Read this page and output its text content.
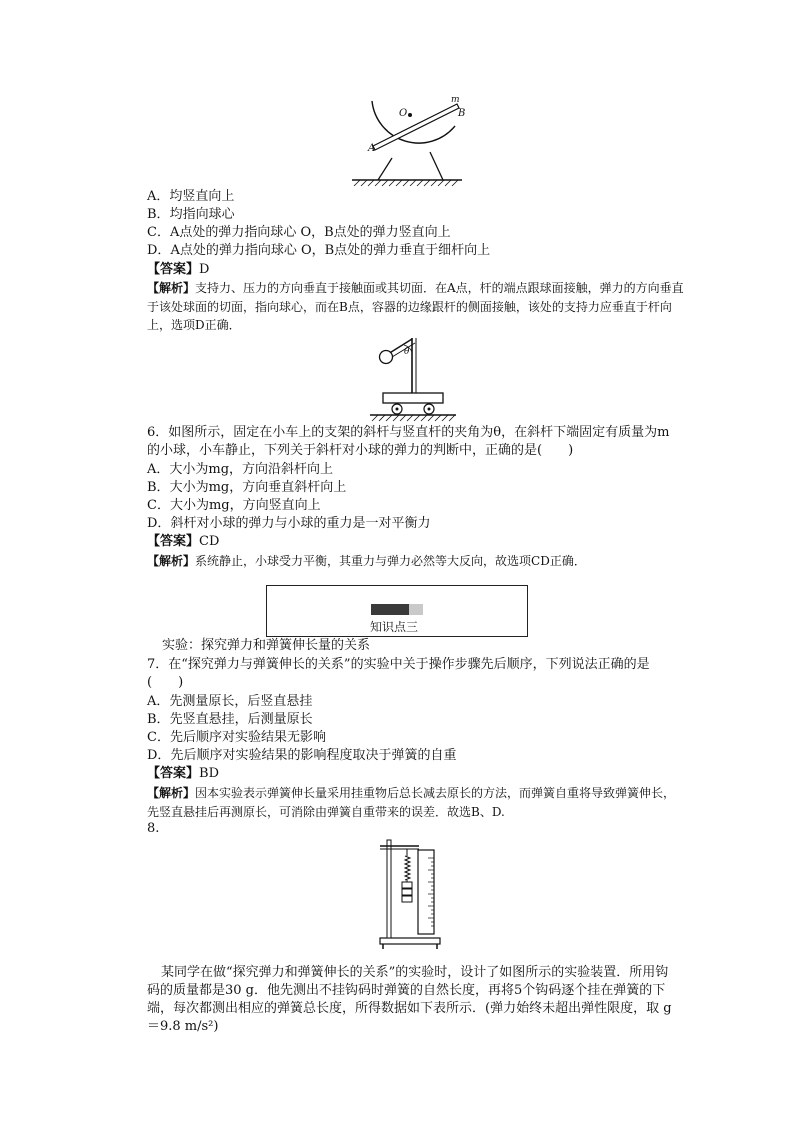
O
m
B
A
A．均竖直向上
B．均指向球心
C．A点处的弹力指向球心 O，B点处的弹力竖直向上
D．A点处的弹力指向球心 O，B点处的弹力垂直于细杆向上
【答案】D
【解析】支持力、压力的方向垂直于接触面或其切面．在A点，杆的端点跟球面接触，弹力的方向垂直于该处球面的切面，指向球心，而在B点，容器的边缘跟杆的侧面接触，该处的支持力应垂直于杆向上，选项D正确．
θ
6．如图所示，固定在小车上的支架的斜杆与竖直杆的夹角为θ，在斜杆下端固定有质量为m的小球，小车静止，下列关于斜杆对小球的弹力的判断中，正确的是(　　)
A．大小为mg，方向沿斜杆向上
B．大小为mg，方向垂直斜杆向上
C．大小为mg，方向竖直向上
D．斜杆对小球的弹力与小球的重力是一对平衡力
【答案】CD
【解析】系统静止，小球受力平衡，其重力与弹力必然等大反向，故选项CD正确．
知识点三
实验：探究弹力和弹簧伸长量的关系
7．在“探究弹力与弹簧伸长的关系”的实验中关于操作步骤先后顺序，下列说法正确的是(　　)
A．先测量原长，后竖直悬挂
B．先竖直悬挂，后测量原长
C．先后顺序对实验结果无影响
D．先后顺序对实验结果的影响程度取决于弹簧的自重
【答案】BD
【解析】因本实验表示弹簧伸长量采用挂重物后总长减去原长的方法，而弹簧自重将导致弹簧伸长，先竖直悬挂后再测原长，可消除由弹簧自重带来的误差．故选B、D.
8.
某同学在做“探究弹力和弹簧伸长的关系”的实验时，设计了如图所示的实验装置．所用钩码的质量都是30 g．他先测出不挂钩码时弹簧的自然长度，再将5个钩码逐个挂在弹簧的下端，每次都测出相应的弹簧总长度，所得数据如下表所示．(弹力始终未超出弹性限度，取 g＝9.8 m/s²)
